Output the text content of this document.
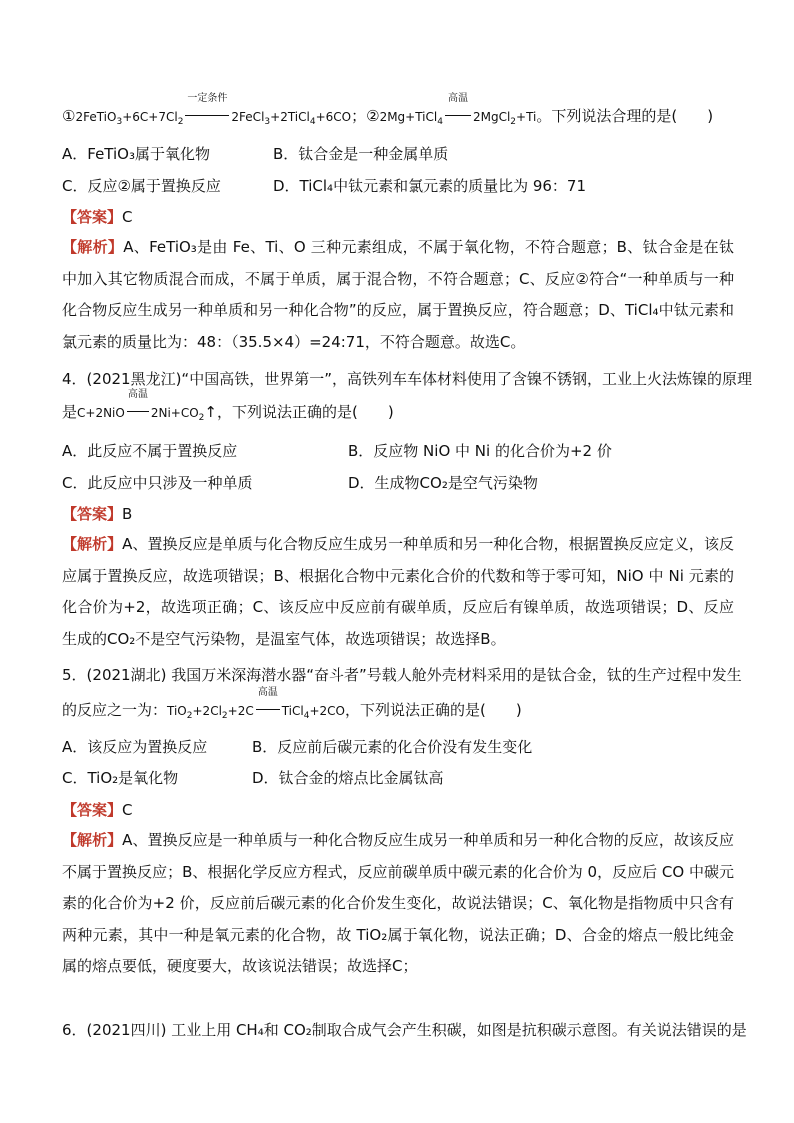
$①2FeTiO_3+6C+7Cl_2$
一定条件
2FeCl$_3$+2TiCl$_4$+6CO；②2Mg+TiCl$_4$
高温
2MgCl$_2$+Ti。下列说法合理的是(　　)
A．FeTiO₃属于氧化物	B．钛合金是一种金属单质
C．反应②属于置换反应	D．TiCl₄中钛元素和氯元素的质量比为 96：71
【答案】C
【解析】A、FeTiO₃是由 Fe、Ti、O 三种元素组成，不属于氧化物，不符合题意；B、钛合金是在钛中加入其它物质混合而成，不属于单质，属于混合物，不符合题意；C、反应②符合“一种单质与一种化合物反应生成另一种单质和另一种化合物”的反应，属于置换反应，符合题意；D、TiCl₄中钛元素和氯元素的质量比为：48：（35.5×4）=24:71，不符合题意。故选C。
4．(2021黑龙江)“中国高铁，世界第一”，高铁列车车体材料使用了含镍不锈钢，工业上火法炼镍的原理
是C+2NiO
高温
$2Ni+CO_2↑$，下列说法正确的是(　　)
A．此反应不属于置换反应	B．反应物 NiO 中 Ni 的化合价为+2 价
C．此反应中只涉及一种单质	D．生成物CO₂是空气污染物
【答案】B
【解析】A、置换反应是单质与化合物反应生成另一种单质和另一种化合物，根据置换反应定义，该反应属于置换反应，故选项错误；B、根据化合物中元素化合价的代数和等于零可知，NiO 中 Ni 元素的化合价为+2，故选项正确；C、该反应中反应前有碳单质，反应后有镍单质，故选项错误；D、反应生成的CO₂不是空气污染物，是温室气体，故选项错误；故选择B。
5．(2021湖北) 我国万米深海潜水器“奋斗者”号载人舱外壳材料采用的是钛合金，钛的生产过程中发生
的反应之一为：$TiO_2+2Cl_2+2C$
高温
TiCl$_4$+2CO，下列说法正确的是(　　)
A．该反应为置换反应	B．反应前后碳元素的化合价没有发生变化
C．TiO₂是氧化物	D．钛合金的熔点比金属钛高
【答案】C
【解析】A、置换反应是一种单质与一种化合物反应生成另一种单质和另一种化合物的反应，故该反应不属于置换反应；B、根据化学反应方程式，反应前碳单质中碳元素的化合价为 0，反应后 CO 中碳元素的化合价为+2 价，反应前后碳元素的化合价发生变化，故说法错误；C、氧化物是指物质中只含有两种元素，其中一种是氧元素的化合物，故 TiO₂属于氧化物，说法正确；D、合金的熔点一般比纯金属的熔点要低，硬度要大，故该说法错误；故选择C；
6．(2021四川) 工业上用 CH₄和 CO₂制取合成气会产生积碳，如图是抗积碳示意图。有关说法错误的是
